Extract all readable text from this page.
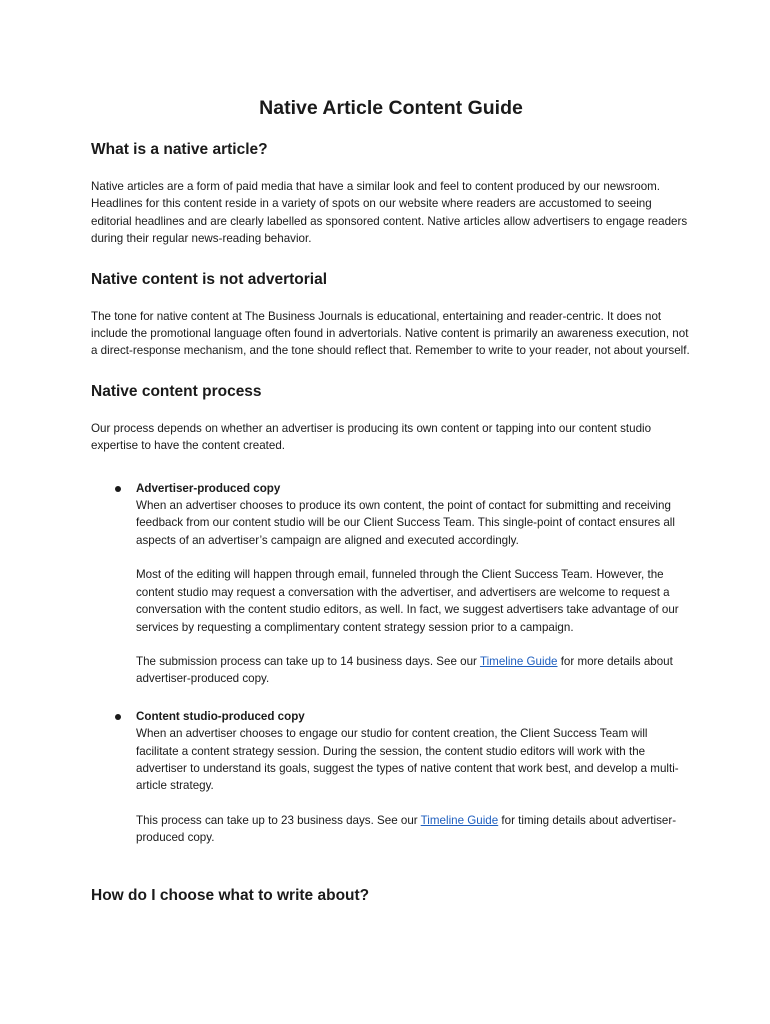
Native Article Content Guide
What is a native article?

Native articles are a form of paid media that have a similar look and feel to content produced by our newsroom. Headlines for this content reside in a variety of spots on our website where readers are accustomed to seeing editorial headlines and are clearly labelled as sponsored content. Native articles allow advertisers to engage readers during their regular news-reading behavior.

Native content is not advertorial

The tone for native content at The Business Journals is educational, entertaining and reader-centric. It does not include the promotional language often found in advertorials. Native content is primarily an awareness execution, not a direct-response mechanism, and the tone should reflect that. Remember to write to your reader, not about yourself.

Native content process

Our process depends on whether an advertiser is producing its own content or tapping into our content studio expertise to have the content created.

Advertiser-produced copy

When an advertiser chooses to produce its own content, the point of contact for submitting and receiving feedback from our content studio will be our Client Success Team. This single-point of contact ensures all aspects of an advertiser’s campaign are aligned and executed accordingly.

Most of the editing will happen through email, funneled through the Client Success Team. However, the content studio may request a conversation with the advertiser, and advertisers are welcome to request a conversation with the content studio editors, as well. In fact, we suggest advertisers take advantage of our services by requesting a complimentary content strategy session prior to a campaign.

The submission process can take up to 14 business days. See our Timeline Guide for more details about advertiser-produced copy.

Content studio-produced copy

When an advertiser chooses to engage our studio for content creation, the Client Success Team will facilitate a content strategy session. During the session, the content studio editors will work with the advertiser to understand its goals, suggest the types of native content that work best, and develop a multi-article strategy.

This process can take up to 23 business days. See our Timeline Guide for timing details about advertiser-produced copy.

How do I choose what to write about?
